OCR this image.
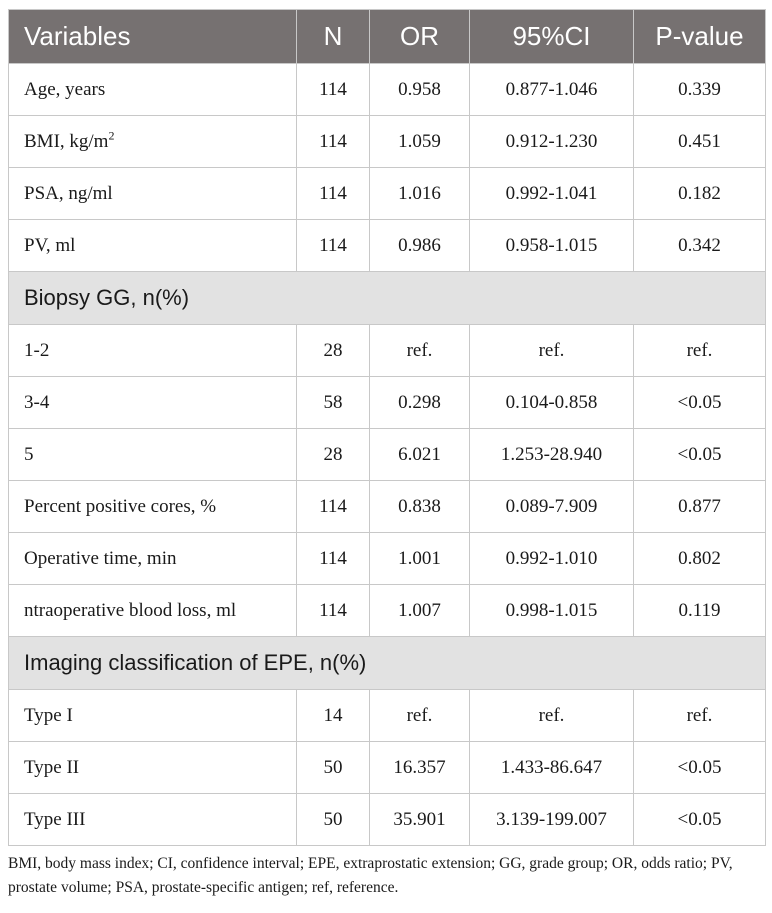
Variables	N	OR	95%CI	P-value
Age, years	114	0.958	0.877-1.046	0.339
BMI, $kg/m^2$	114	1.059	0.912-1.230	0.451
PSA, ng/ml	114	1.016	0.992-1.041	0.182
PV, ml	114	0.986	0.958-1.015	0.342
Biopsy GG, n(%)				
1-2	28	ref.	ref.	ref.
3-4	58	0.298	0.104-0.858	<0.05
5	28	6.021	1.253-28.940	<0.05
Percent positive cores, %	114	0.838	0.089-7.909	0.877
Operative time, min	114	1.001	0.992-1.010	0.802
ntraoperative blood loss, ml	114	1.007	0.998-1.015	0.119
Imaging classification of EPE, n(%)				
Type I	14	ref.	ref.	ref.
Type II	50	16.357	1.433-86.647	<0.05
Type III	50	35.901	3.139-199.007	<0.05
BMI, body mass index; CI, confidence interval; EPE, extraprostatic extension; GG, grade group; OR, odds ratio; PV, prostate volume; PSA, prostate-specific antigen; ref, reference.
